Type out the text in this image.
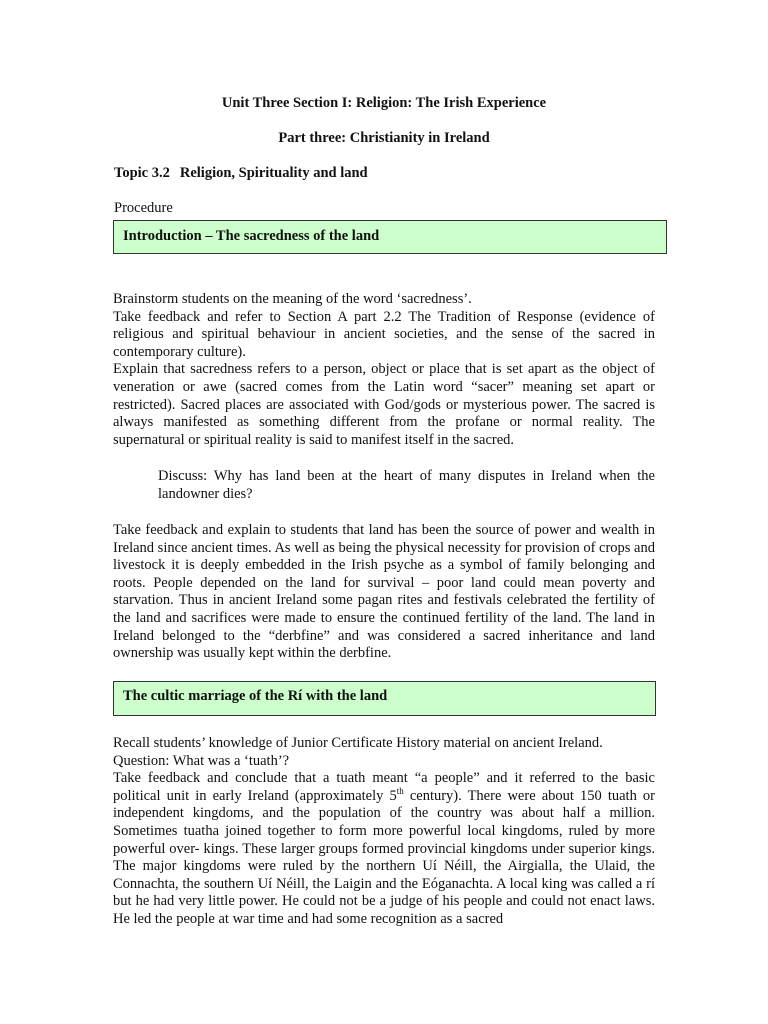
Unit Three Section I: Religion: The Irish Experience
Part three: Christianity in Ireland
Topic 3.2 Religion, Spirituality and land
Procedure
Introduction – The sacredness of the land

Brainstorm students on the meaning of the word ‘sacredness’.

Take feedback and refer to Section A part 2.2 The Tradition of Response (evidence of religious and spiritual behaviour in ancient societies, and the sense of the sacred in contemporary culture).

Explain that sacredness refers to a person, object or place that is set apart as the object of veneration or awe (sacred comes from the Latin word “sacer” meaning set apart or restricted). Sacred places are associated with God/gods or mysterious power. The sacred is always manifested as something different from the profane or normal reality. The supernatural or spiritual reality is said to manifest itself in the sacred.

Discuss: Why has land been at the heart of many disputes in Ireland when the landowner dies?
Take feedback and explain to students that land has been the source of power and wealth in Ireland since ancient times. As well as being the physical necessity for provision of crops and livestock it is deeply embedded in the Irish psyche as a symbol of family belonging and roots. People depended on the land for survival – poor land could mean poverty and starvation. Thus in ancient Ireland some pagan rites and festivals celebrated the fertility of the land and sacrifices were made to ensure the continued fertility of the land. The land in Ireland belonged to the “derbfine” and was considered a sacred inheritance and land ownership was usually kept within the derbfine.
The cultic marriage of the Rí with the land

Recall students’ knowledge of Junior Certificate History material on ancient Ireland.

Question: What was a ‘tuath’?

Take feedback and conclude that a tuath meant “a people” and it referred to the basic political unit in early Ireland (approximately 5th century). There were about 150 tuath or independent kingdoms, and the population of the country was about half a million. Sometimes tuatha joined together to form more powerful local kingdoms, ruled by more powerful over- kings. These larger groups formed provincial kingdoms under superior kings. The major kingdoms were ruled by the northern Uí Néill, the Airgialla, the Ulaid, the Connachta, the southern Uí Néill, the Laigin and the Eóganachta. A local king was called a rí but he had very little power. He could not be a judge of his people and could not enact laws. He led the people at war time and had some recognition as a sacred
